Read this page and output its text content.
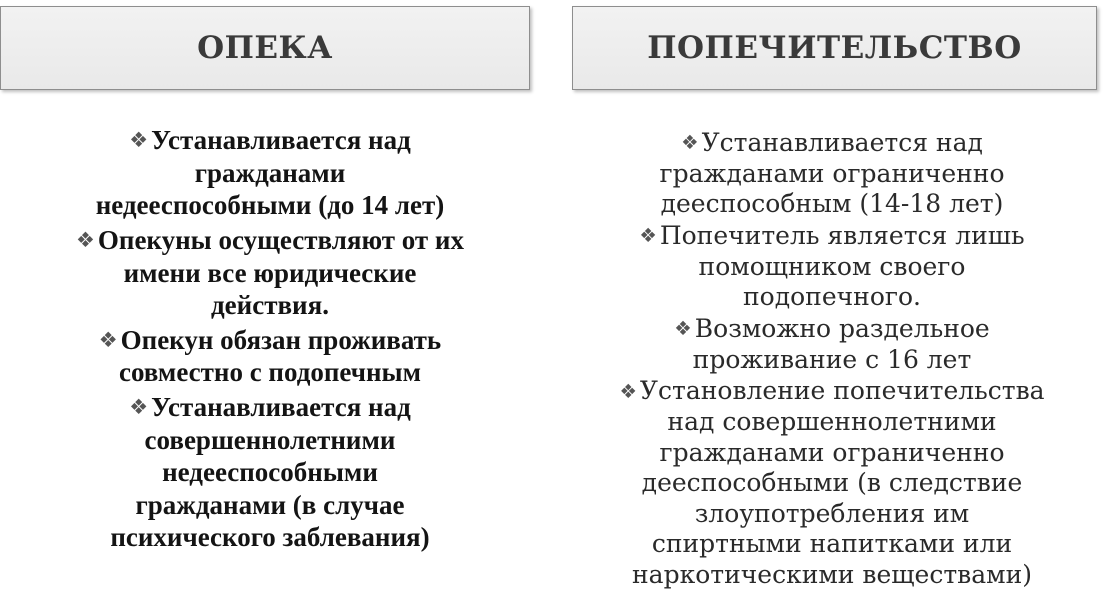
ОПЕКА
❖ Устанавливается над
гражданами
недееспособными (до 14 лет)
❖ Опекуны осуществляют от их
имени все юридические
действия.
❖ Опекун обязан проживать
совместно с подопечным
❖ Устанавливается над
совершеннолетними
недееспособными
гражданами (в случае
психического заблевания)
ПОПЕЧИТЕЛЬСТВО
❖ Устанавливается над
гражданами ограниченно
дееспособным (14-18 лет)
❖ Попечитель является лишь
помощником своего
подопечного.
❖ Возможно раздельное
проживание с 16 лет
❖ Установление попечительства
над совершеннолетними
гражданами ограниченно
дееспособными (в следствие
злоупотребления им
спиртными напитками или
наркотическими веществами)
